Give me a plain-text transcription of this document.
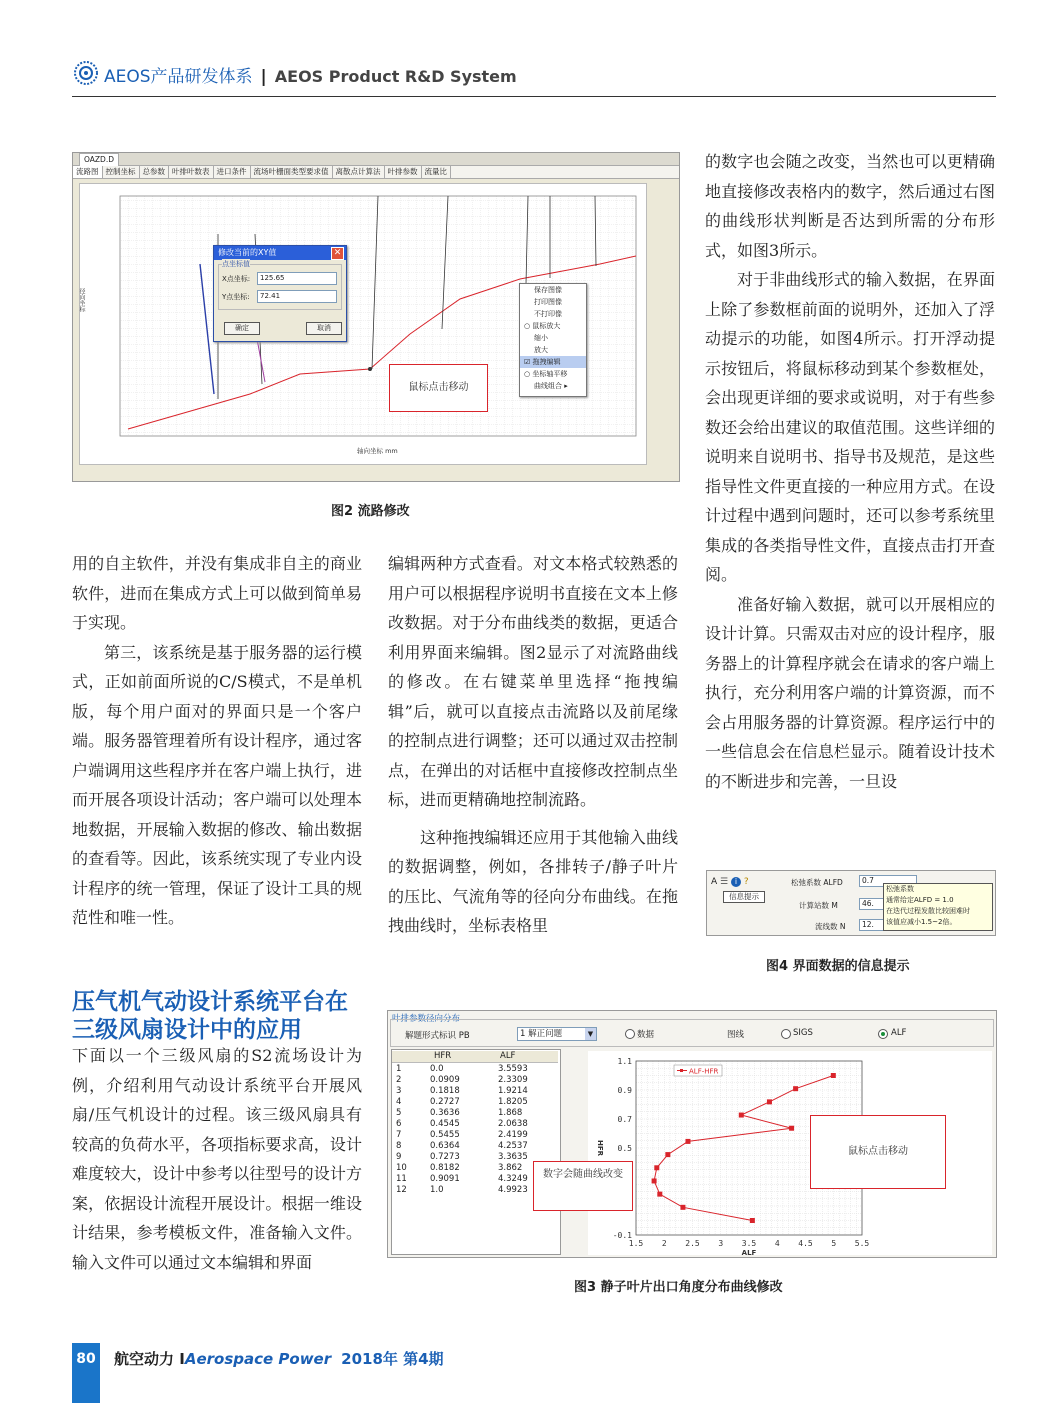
AEOS产品研发体系 | AEOS Product R&D System
OAZD.D
流路图 控制坐标 总参数 叶排叶数表 进口条件 流场叶栅面类型要求值 离散点计算法 叶排参数 流量比
径向坐标
轴向坐标 mm
修改当前的XY值	✕
点坐标值
X点坐标:	125.65
Y点坐标:	72.41
确定	取消
保存图像
打印图像
不打印像
○ 鼠标放大
缩小
放大
☑ 拖拽编辑
○ 坐标轴平移
曲线组合 ▸
鼠标点击移动
图2 流路修改

用的自主软件，并没有集成非自主的商业软件，进而在集成方式上可以做到简单易于实现。

第三，该系统是基于服务器的运行模式，正如前面所说的C/S模式，不是单机版，每个用户面对的界面只是一个客户端。服务器管理着所有设计程序，通过客户端调用这些程序并在客户端上执行，进而开展各项设计活动；客户端可以处理本地数据，开展输入数据的修改、输出数据的查看等。因此，该系统实现了专业内设计程序的统一管理，保证了设计工具的规范性和唯一性。

压气机气动设计系统平台在三级风扇设计中的应用

下面以一个三级风扇的S2流场设计为例，介绍利用气动设计系统平台开展风扇/压气机设计的过程。该三级风扇具有较高的负荷水平，各项指标要求高，设计难度较大，设计中参考以往型号的设计方案，依据设计流程开展设计。根据一维设计结果，参考模板文件，准备输入文件。输入文件可以通过文本编辑和界面

编辑两种方式查看。对文本格式较熟悉的用户可以根据程序说明书直接在文本上修改数据。对于分布曲线类的数据，更适合利用界面来编辑。图2显示了对流路曲线的修改。在右键菜单里选择“拖拽编辑”后，就可以直接点击流路以及前尾缘的控制点进行调整；还可以通过双击控制点，在弹出的对话框中直接修改控制点坐标，进而更精确地控制流路。

这种拖拽编辑还应用于其他输入曲线的数据调整，例如，各排转子/静子叶片的压比、气流角等的径向分布曲线。在拖拽曲线时，坐标表格里

的数字也会随之改变，当然也可以更精确地直接修改表格内的数字，然后通过右图的曲线形状判断是否达到所需的分布形式，如图3所示。

对于非曲线形式的输入数据，在界面上除了参数框前面的说明外，还加入了浮动提示的功能，如图4所示。打开浮动提示按钮后，将鼠标移动到某个参数框处，会出现更详细的要求或说明，对于有些参数还会给出建议的取值范围。这些详细的说明来自说明书、指导书及规范，是这些指导性文件更直接的一种应用方式。在设计过程中遇到问题时，还可以参考系统里集成的各类指导性文件，直接点击打开查阅。

准备好输入数据，就可以开展相应的设计计算。只需双击对应的设计程序，服务器上的计算程序就会在请求的客户端上执行，充分利用客户端的计算资源，而不会占用服务器的计算资源。程序运行中的一些信息会在信息栏显示。随着设计技术的不断进步和完善，一旦设

A ☰ i ?
信息提示
松弛系数 ALFD	0.7
计算站数 M	46.
流线数 N	12.
松弛系数
通常给定ALFD = 1.0
在迭代过程发散比较困难时
该值应减小1.5~2倍。
图4 界面数据的信息提示
叶排参数径向分布
解题形式标识 PB	1 解正问题	▼	数据	图线	SIGS	ALF
HFR	ALF
1	0.0	3.5593
2	0.0909	2.3309
3	0.1818	1.9214
4	0.2727	1.8205
5	0.3636	1.868
6	0.4545	2.0638
7	0.5455	2.4199
8	0.6364	4.2537
9	0.7273	3.3635
10	0.8182	3.862
11	0.9091	4.3249
12	1.0	4.9923
1.5 2 2.5 3 3.5 4 4.5 5 5.5
-0.1
0.5
0.7
0.9
1.1
ALF
HFR
ALF-HFR
数字会随曲线改变
鼠标点击移动
图3 静子叶片出口角度分布曲线修改
80 航空动力 IAerospace Power 2018年 第4期
